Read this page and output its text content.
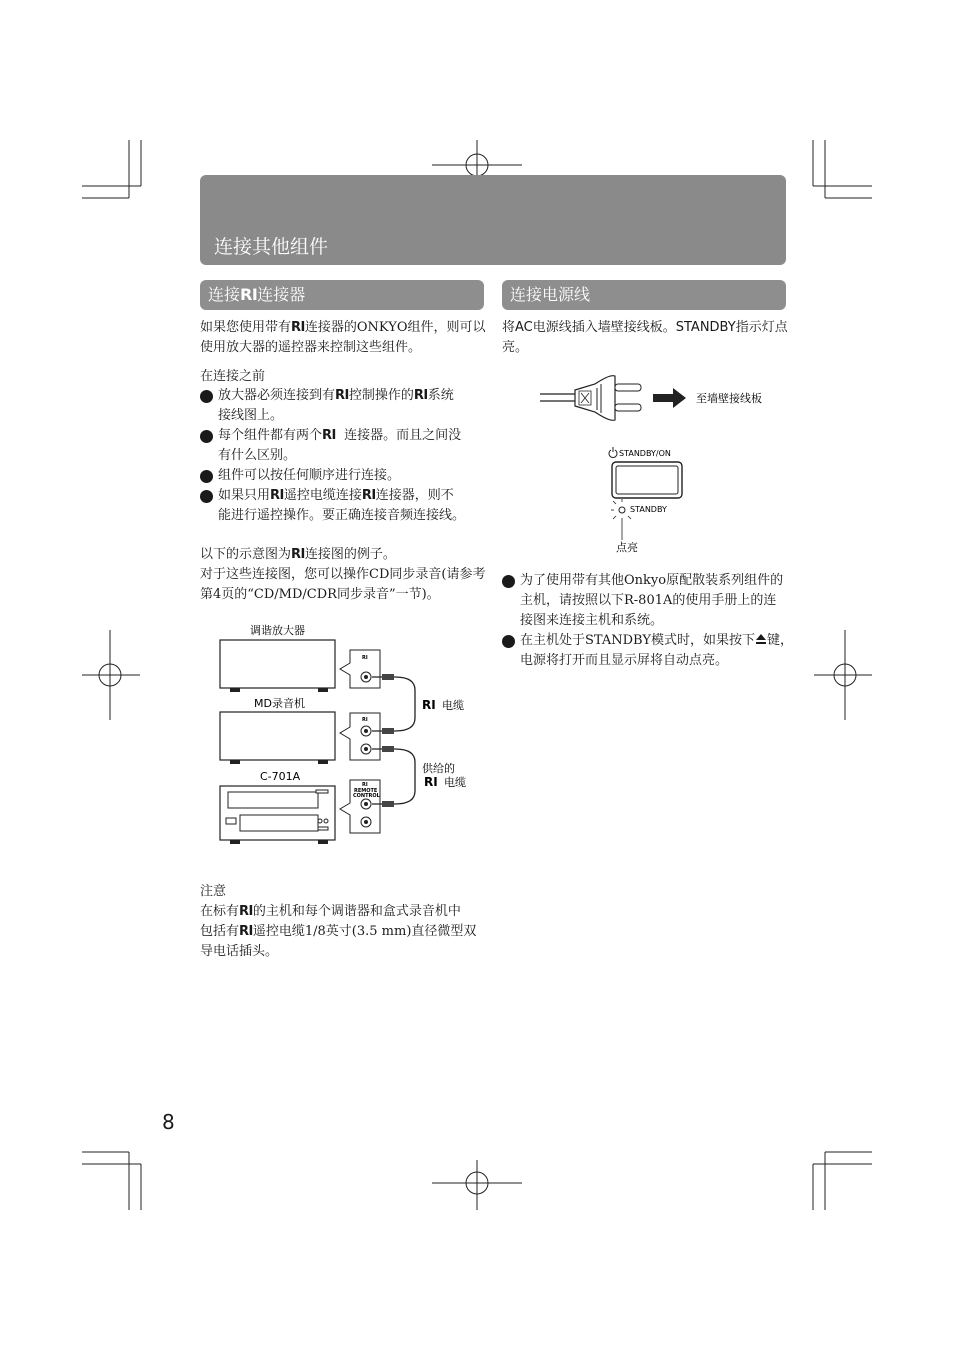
连接其他组件
连接RI连接器
如果您使用带有RI连接器的ONKYO组件，则可以
使用放大器的遥控器来控制这些组件。
在连接之前
放大器必须连接到有RI控制操作的RI系统
接线图上。
每个组件都有两个RI  连接器。而且之间没
有什么区别。
组件可以按任何顺序进行连接。
如果只用RI遥控电缆连接RI连接器，则不
能进行遥控操作。要正确连接音频连接线。
以下的示意图为RI连接图的例子。
对于这些连接图，您可以操作CD同步录音(请参考
第4页的“CD/MD/CDR同步录音”一节)。
调谐放大器
MD录音机
C-701A
RI
RI
RI
REMOTE
CONTROL
RI 电缆
供给的
RI 电缆
注意
在标有RI的主机和每个调谐器和盒式录音机中
包括有RI遥控电缆1/8英寸(3.5 mm)直径微型双
导电话插头。
连接电源线
将AC电源线插入墙壁接线板。STANDBY指示灯点
亮。
至墙壁接线板
STANDBY/ON
STANDBY
点亮
为了使用带有其他Onkyo原配散装系列组件的
主机，请按照以下R-801A的使用手册上的连
接图来连接主机和系统。
在主机处于STANDBY模式时，如果按下 键，
电源将打开而且显示屏将自动点亮。
8
